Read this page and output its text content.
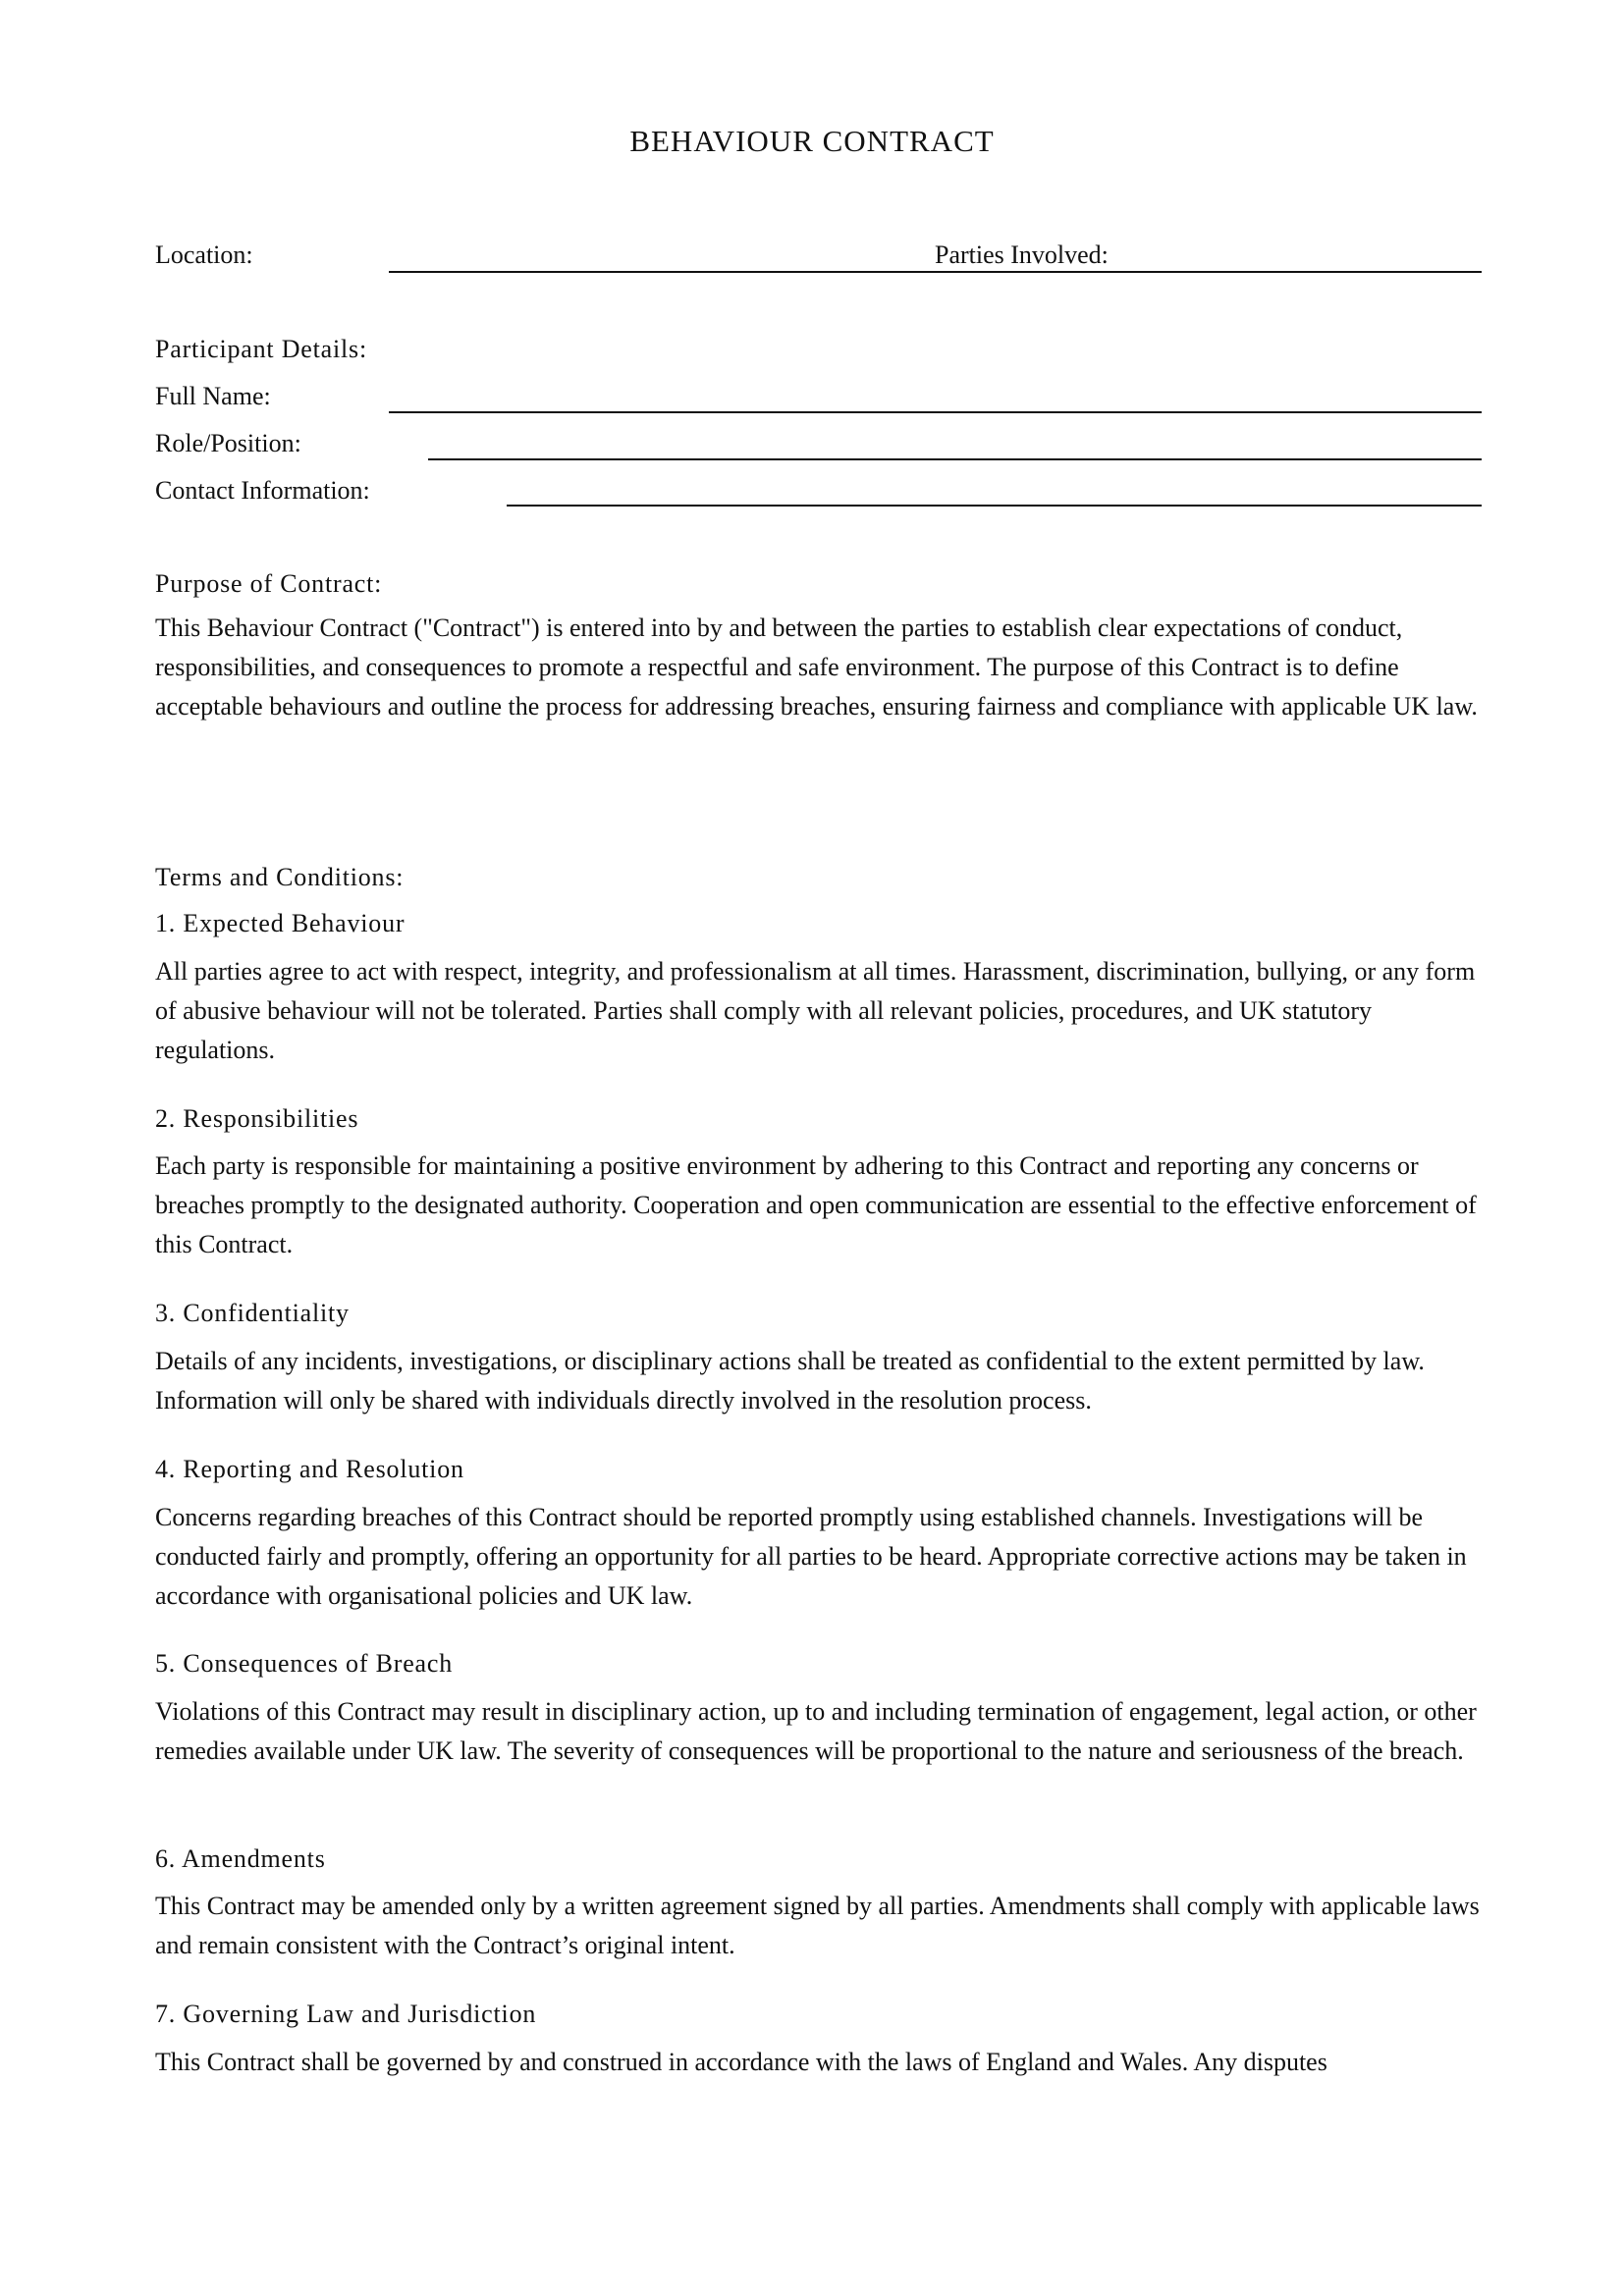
BEHAVIOUR CONTRACT
Location:	Parties Involved:
Participant Details:
Full Name:
Role/Position:
Contact Information:
Purpose of Contract:

This Behaviour Contract ("Contract") is entered into by and between the parties to establish clear expectations of conduct, responsibilities, and consequences to promote a respectful and safe environment. The purpose of this Contract is to define acceptable behaviours and outline the process for addressing breaches, ensuring fairness and compliance with applicable UK law.

Terms and Conditions:
1. Expected Behaviour

All parties agree to act with respect, integrity, and professionalism at all times. Harassment, discrimination, bullying, or any form of abusive behaviour will not be tolerated. Parties shall comply with all relevant policies, procedures, and UK statutory regulations.

2. Responsibilities

Each party is responsible for maintaining a positive environment by adhering to this Contract and reporting any concerns or breaches promptly to the designated authority. Cooperation and open communication are essential to the effective enforcement of this Contract.

3. Confidentiality

Details of any incidents, investigations, or disciplinary actions shall be treated as confidential to the extent permitted by law. Information will only be shared with individuals directly involved in the resolution process.

4. Reporting and Resolution

Concerns regarding breaches of this Contract should be reported promptly using established channels. Investigations will be conducted fairly and promptly, offering an opportunity for all parties to be heard. Appropriate corrective actions may be taken in accordance with organisational policies and UK law.

5. Consequences of Breach

Violations of this Contract may result in disciplinary action, up to and including termination of engagement, legal action, or other remedies available under UK law. The severity of consequences will be proportional to the nature and seriousness of the breach.

6. Amendments

This Contract may be amended only by a written agreement signed by all parties. Amendments shall comply with applicable laws and remain consistent with the Contract’s original intent.

7. Governing Law and Jurisdiction

This Contract shall be governed by and construed in accordance with the laws of England and Wales. Any disputes
